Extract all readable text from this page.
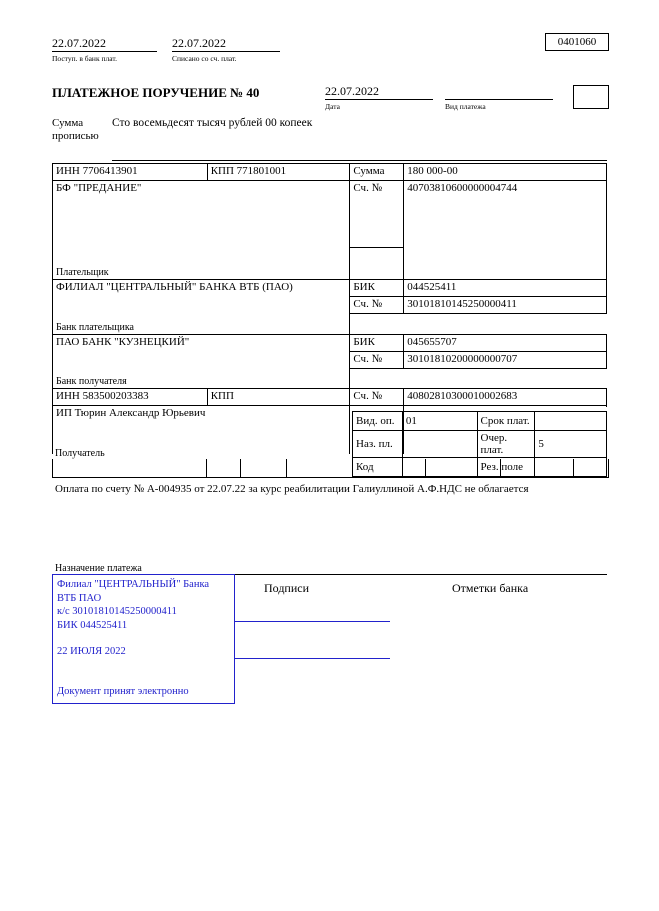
22.07.2022
Поступ. в банк плат.
22.07.2022
Списано со сч. плат.
0401060
ПЛАТЕЖНОЕ ПОРУЧЕНИЕ № 40	22.07.2022
Дата	Вид платежа
Сумма
прописью
Сто восемьдесят тысяч рублей 00 копеек
ИНН 7706413901	КПП 771801001	Сумма	180 000-00

БФ "ПРЕДАНИЕ"			

		Сч. №	40703810600000004744
Плательщик			

ФИЛИАЛ "ЦЕНТРАЛЬНЫЙ" БАНКА ВТБ (ПАО)		БИК	044525411
		Сч. №	30101810145250000411
Банк плательщика			

ПАО БАНК "КУЗНЕЦКИЙ"		БИК	045655707
		Сч. №	30101810200000000707
Банк получателя			
ИНН 583500203383	КПП	Сч. №	40802810300010002683

ИП Тюрин Александр Юрьевич			

Вид. оп.	01	Срок плат.	
Наз. пл.		Очер. плат.	5
Код		Рез. поле	
Получатель
Оплата по счету № А-004935 от 22.07.22 за курс реабилитации Галиуллиной А.Ф.НДС не облагается
Назначение платежа
Подписи	Отметки банка
Филиал "ЦЕНТРАЛЬНЫЙ" Банка
ВТБ ПАО
к/с 30101810145250000411
БИК 044525411
22 ИЮЛЯ 2022
Документ принят электронно
